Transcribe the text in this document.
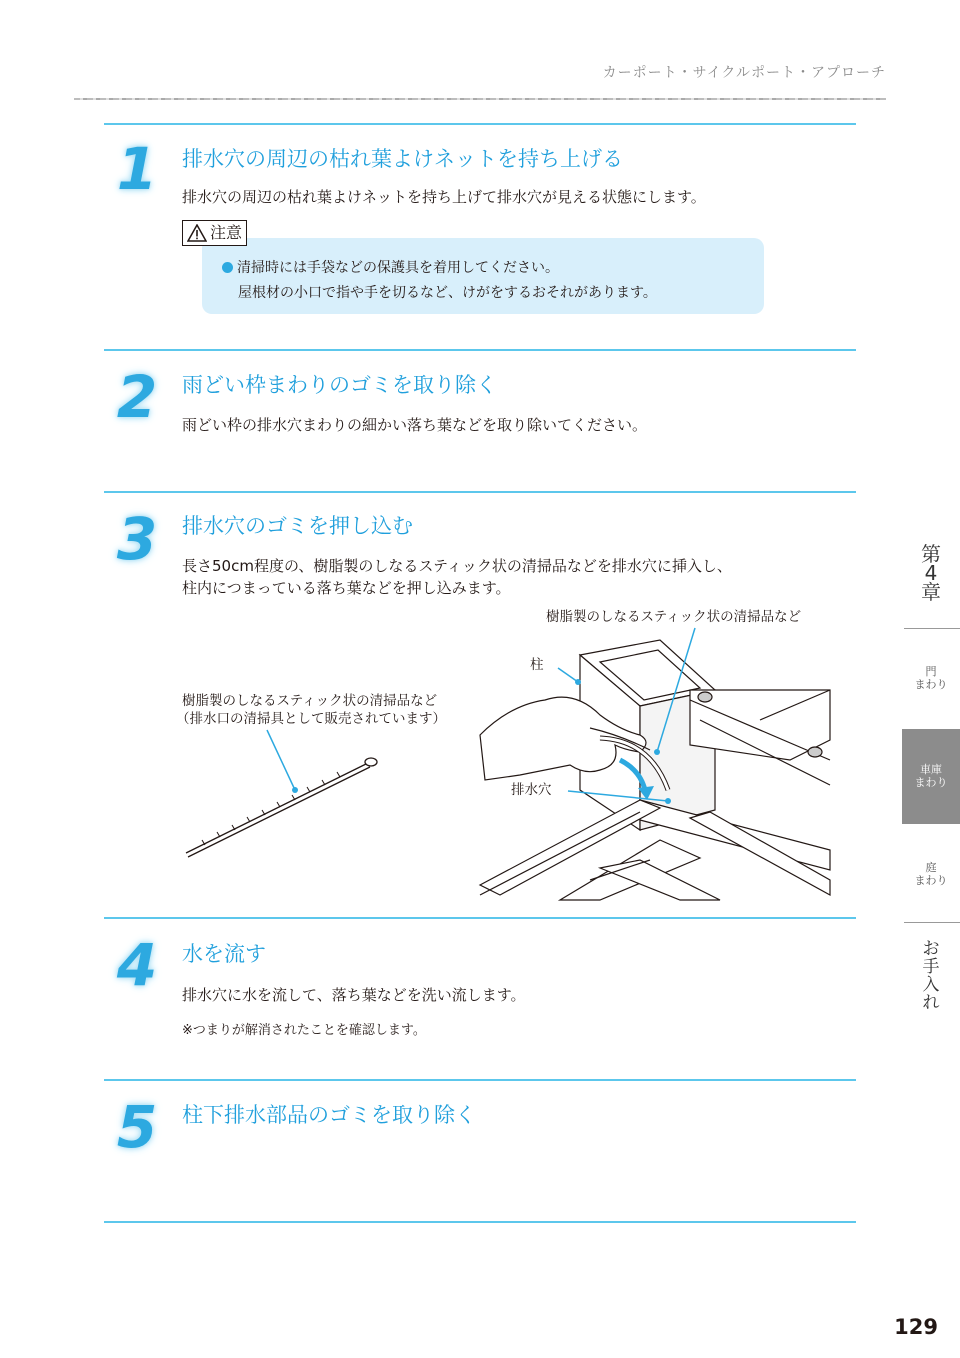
カーポート・サイクルポート・アプローチ
1 排水穴の周辺の枯れ葉よけネットを持ち上げる
排水穴の周辺の枯れ葉よけネットを持ち上げて排水穴が見える状態にします。
注意
清掃時には手袋などの保護具を着用してください。
屋根材の小口で指や手を切るなど、けがをするおそれがあります。
2 雨どい枠まわりのゴミを取り除く
雨どい枠の排水穴まわりの細かい落ち葉などを取り除いてください。
3 排水穴のゴミを押し込む
長さ50cm程度の、樹脂製のしなるスティック状の清掃品などを排水穴に挿入し、
柱内につまっている落ち葉などを押し込みます。
樹脂製のしなるスティック状の清掃品など
柱
樹脂製のしなるスティック状の清掃品など
（排水口の清掃具として販売されています）
排水穴
4 水を流す
排水穴に水を流して、落ち葉などを洗い流します。
※つまりが解消されたことを確認します。
5 柱下排水部品のゴミを取り除く
第
4
章
門
まわり
車庫
まわり
庭
まわり
お
手
入
れ
129
